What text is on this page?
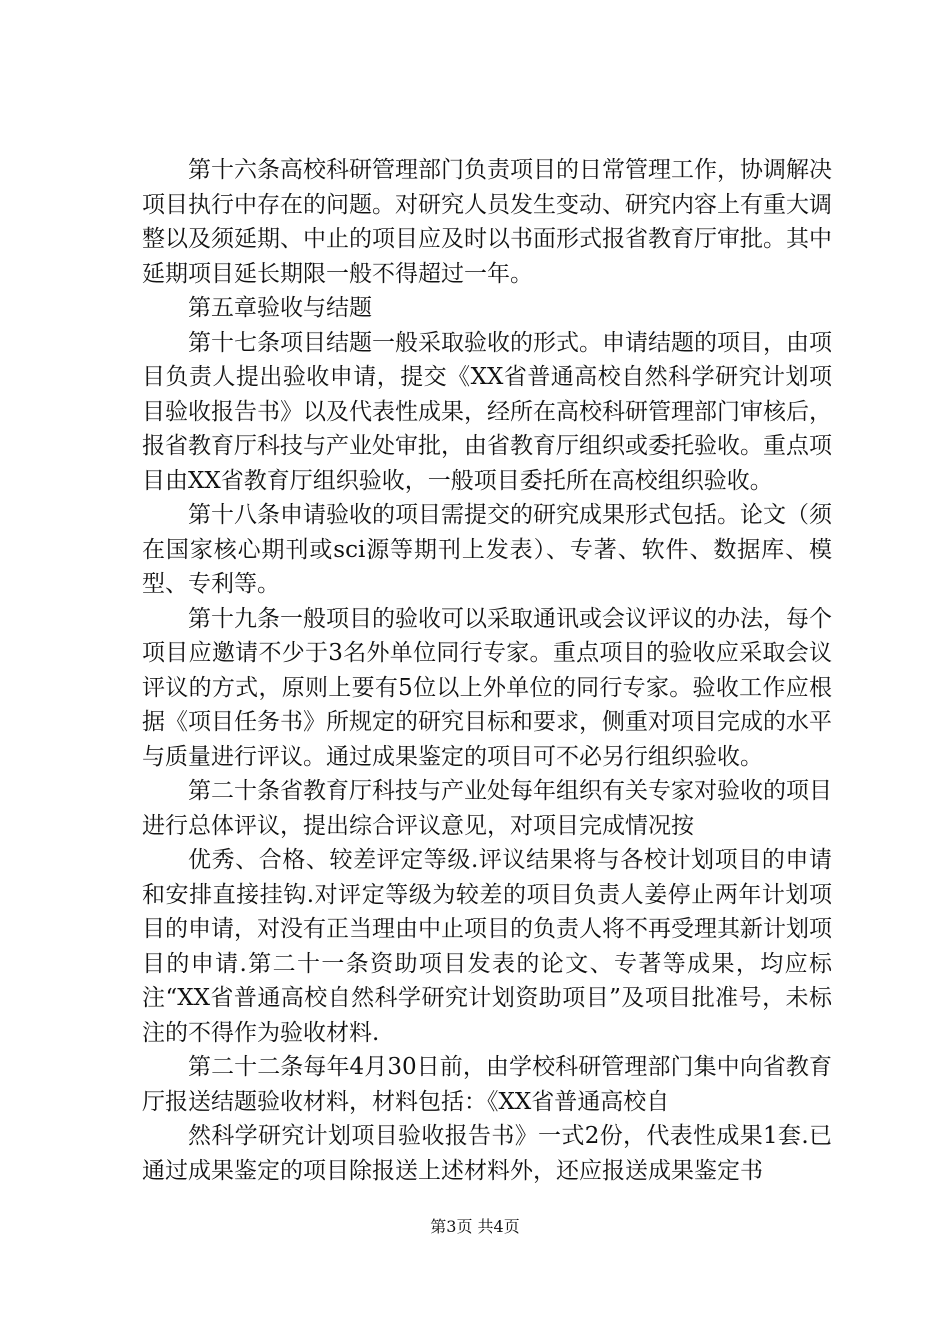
第十六条高校科研管理部门负责项目的日常管理工作，协调解决项目执行中存在的问题。对研究人员发生变动、研究内容上有重大调整以及须延期、中止的项目应及时以书面形式报省教育厅审批。其中延期项目延长期限一般不得超过一年。

第五章验收与结题

第十七条项目结题一般采取验收的形式。申请结题的项目，由项目负责人提出验收申请，提交《XX省普通高校自然科学研究计划项目验收报告书》以及代表性成果，经所在高校科研管理部门审核后，报省教育厅科技与产业处审批，由省教育厅组织或委托验收。重点项目由XX省教育厅组织验收，一般项目委托所在高校组织验收。

第十八条申请验收的项目需提交的研究成果形式包括。论文（须在国家核心期刊或sci源等期刊上发表）、专著、软件、数据库、模型、专利等。

第十九条一般项目的验收可以采取通讯或会议评议的办法，每个项目应邀请不少于3名外单位同行专家。重点项目的验收应采取会议评议的方式，原则上要有5位以上外单位的同行专家。验收工作应根据《项目任务书》所规定的研究目标和要求，侧重对项目完成的水平与质量进行评议。通过成果鉴定的项目可不必另行组织验收。

第二十条省教育厅科技与产业处每年组织有关专家对验收的项目进行总体评议，提出综合评议意见，对项目完成情况按

优秀、合格、较差评定等级.评议结果将与各校计划项目的申请和安排直接挂钩.对评定等级为较差的项目负责人姜停止两年计划项目的申请，对没有正当理由中止项目的负责人将不再受理其新计划项目的申请.第二十一条资助项目发表的论文、专著等成果，均应标注“XX省普通高校自然科学研究计划资助项目”及项目批准号，未标注的不得作为验收材料.

第二十二条每年4月30日前，由学校科研管理部门集中向省教育厅报送结题验收材料，材料包括：《XX省普通高校自

然科学研究计划项目验收报告书》一式2份，代表性成果1套.已通过成果鉴定的项目除报送上述材料外，还应报送成果鉴定书

第3页 共4页
